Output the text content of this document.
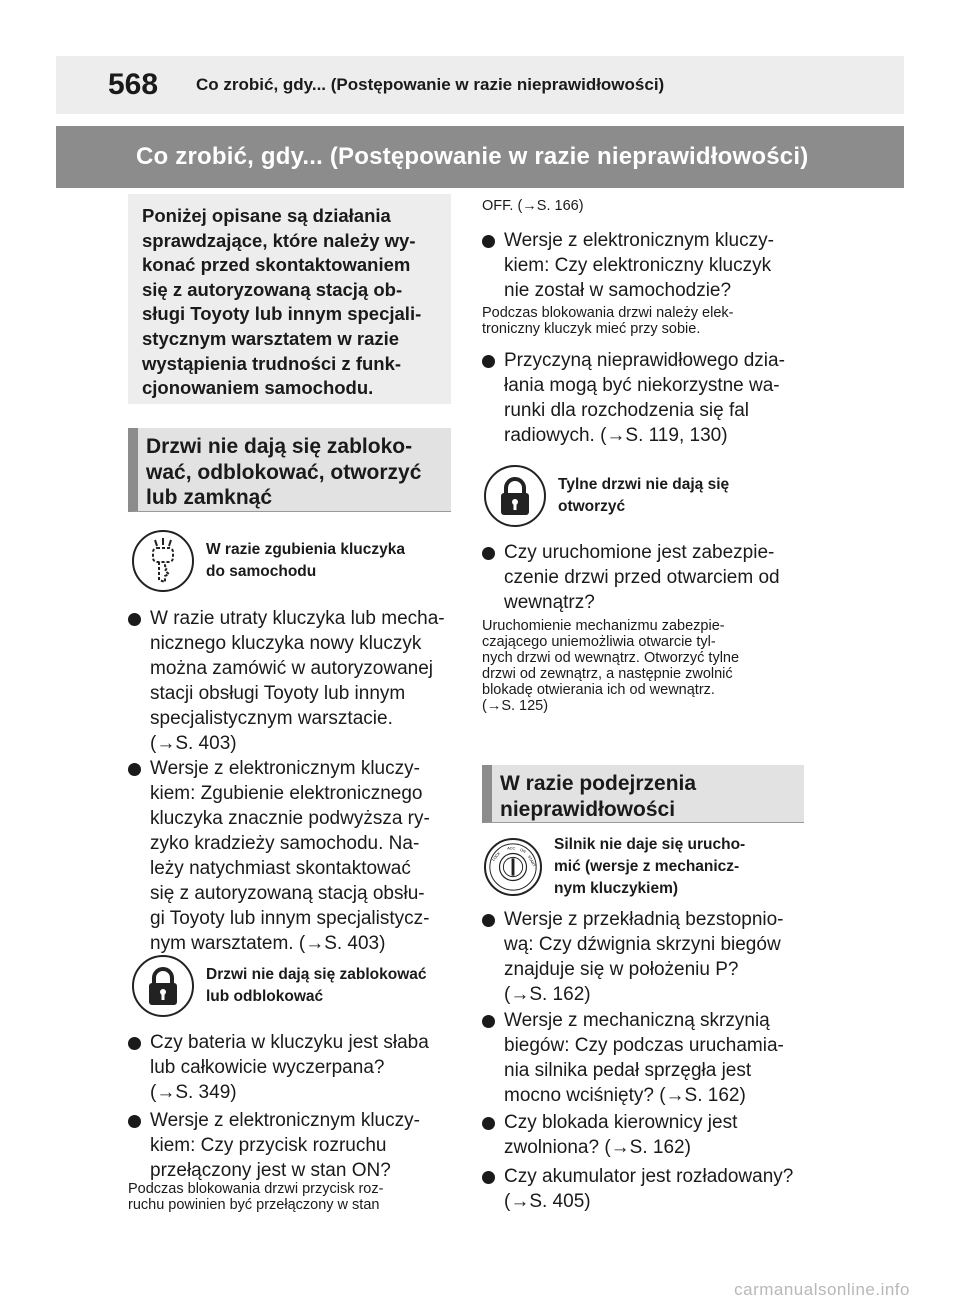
568	Co zrobić, gdy... (Postępowanie w razie nieprawidłowości)
Co zrobić, gdy... (Postępowanie w razie nieprawidłowości)
Poniżej opisane są działania
sprawdzające, które należy wy-
konać przed skontaktowaniem
się z autoryzowaną stacją ob-
sługi Toyoty lub innym specjali-
stycznym warsztatem w razie
wystąpienia trudności z funk-
cjonowaniem samochodu.
Drzwi nie dają się zabloko-
wać, odblokować, otworzyć
lub zamknąć
W razie zgubienia kluczyka
do samochodu
W razie utraty kluczyka lub mecha-
nicznego kluczyka nowy kluczyk
można zamówić w autoryzowanej
stacji obsługi Toyoty lub innym
specjalistycznym warsztacie.
(→S. 403)
Wersje z elektronicznym kluczy-
kiem: Zgubienie elektronicznego
kluczyka znacznie podwyższa ry-
zyko kradzieży samochodu. Na-
leży natychmiast skontaktować
się z autoryzowaną stacją obsłu-
gi Toyoty lub innym specjalistycz-
nym warsztatem. (→S. 403)
Drzwi nie dają się zablokować
lub odblokować
Czy bateria w kluczyku jest słaba
lub całkowicie wyczerpana?
(→S. 349)
Wersje z elektronicznym kluczy-
kiem: Czy przycisk rozruchu
przełączony jest w stan ON?
Podczas blokowania drzwi przycisk roz-
ruchu powinien być przełączony w stan
OFF. (→S. 166)
Wersje z elektronicznym kluczy-
kiem: Czy elektroniczny kluczyk
nie został w samochodzie?
Podczas blokowania drzwi należy elek-
troniczny kluczyk mieć przy sobie.
Przyczyną nieprawidłowego dzia-
łania mogą być niekorzystne wa-
runki dla rozchodzenia się fal
radiowych. (→S. 119, 130)
Tylne drzwi nie dają się
otworzyć
Czy uruchomione jest zabezpie-
czenie drzwi przed otwarciem od
wewnątrz?
Uruchomienie mechanizmu zabezpie-
czającego uniemożliwia otwarcie tyl-
nych drzwi od wewnątrz. Otworzyć tylne
drzwi od zewnątrz, a następnie zwolnić
blokadę otwierania ich od wewnątrz.
(→S. 125)
W razie podejrzenia
nieprawidłowości
LOCK
ACC ON
START
Silnik nie daje się urucho-
mić (wersje z mechanicz-
nym kluczykiem)
Wersje z przekładnią bezstopnio-
wą: Czy dźwignia skrzyni biegów
znajduje się w położeniu P?
(→S. 162)
Wersje z mechaniczną skrzynią
biegów: Czy podczas uruchamia-
nia silnika pedał sprzęgła jest
mocno wciśnięty? (→S. 162)
Czy blokada kierownicy jest
zwolniona? (→S. 162)
Czy akumulator jest rozładowany?
(→S. 405)
carmanualsonline.info
